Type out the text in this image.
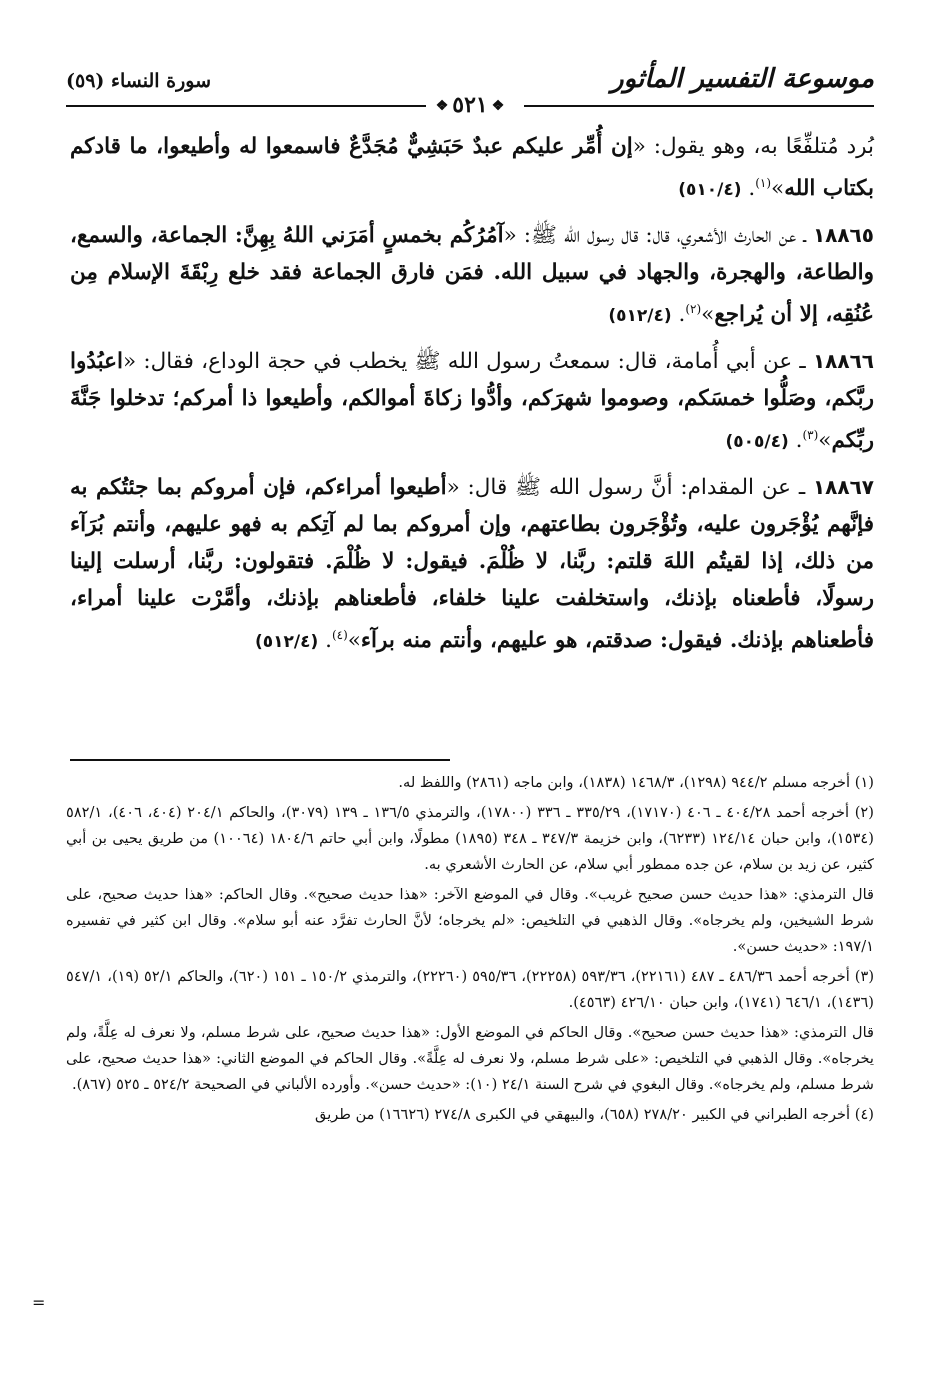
موسوعة التفسير المأثور
سورة النساء (٥٩)
❖٥٢١❖

بُرد مُتلفِّعًا به، وهو يقول: «إن أُمِّر عليكم عبدٌ حَبَشِيٌّ مُجَدَّعٌ فاسمعوا له وأطيعوا، ما قادكم بكتاب الله»$^{(١)}$. (٥١٠/٤)

١٨٨٦٥ ـ عن الحارث الأشعري، قال: قال رسول الله ﷺ: «آمُرُكُم بخمسٍ أمَرَني اللهُ بِهِنَّ: الجماعة، والسمع، والطاعة، والهجرة، والجهاد في سبيل الله. فمَن فارق الجماعة فقد خلع رِبْقَةَ الإسلام مِن عُنُقِه، إلا أن يُراجع»$^{(٢)}$. (٥١٢/٤)

١٨٨٦٦ ـ عن أبي أُمامة، قال: سمعتُ رسول الله ﷺ يخطب في حجة الوداع، فقال: «اعبُدُوا ربَّكم، وصَلُّوا خمسَكم، وصوموا شهرَكم، وأدُّوا زكاةَ أموالكم، وأطيعوا ذا أمركم؛ تدخلوا جَنَّةَ ربِّكم»$^{(٣)}$. (٥٠٥/٤)

١٨٨٦٧ ـ عن المقدام: أنَّ رسول الله ﷺ قال: «أطيعوا أمراءكم، فإن أمروكم بما جئتُكم به فإنَّهم يُؤْجَرون عليه، وتُؤْجَرون بطاعتهم، وإن أمروكم بما لم آتِكم به فهو عليهم، وأنتم بُرَآء من ذلك، إذا لقيتُم اللهَ قلتم: ربَّنا، لا ظُلْمَ. فيقول: لا ظُلْمَ. فتقولون: ربَّنا، أرسلت إلينا رسولًا، فأطعناه بإذنك، واستخلفت علينا خلفاء، فأطعناهم بإذنك، وأمَّرْت علينا أمراء، فأطعناهم بإذنك. فيقول: صدقتم، هو عليهم، وأنتم منه برآء»$^{(٤)}$. (٥١٢/٤)

(١) أخرجه مسلم ٩٤٤/٢ (١٢٩٨)، ١٤٦٨/٣ (١٨٣٨)، وابن ماجه (٢٨٦١) واللفظ له.

(٢) أخرجه أحمد ٤٠٤/٢٨ ـ ٤٠٦ (١٧١٧٠)، ٣٣٥/٢٩ ـ ٣٣٦ (١٧٨٠٠)، والترمذي ١٣٦/٥ ـ ١٣٩ (٣٠٧٩)، والحاكم ٢٠٤/١ (٤٠٤، ٤٠٦)، ٥٨٢/١ (١٥٣٤)، وابن حبان ١٢٤/١٤ (٦٢٣٣)، وابن خزيمة ٣٤٧/٣ ـ ٣٤٨ (١٨٩٥) مطولًا، وابن أبي حاتم ١٨٠٤/٦ (١٠٠٦٤) من طريق يحيى بن أبي كثير، عن زيد بن سلام، عن جده ممطور أبي سلام، عن الحارث الأشعري به.

قال الترمذي: «هذا حديث حسن صحيح غريب». وقال في الموضع الآخر: «هذا حديث صحيح». وقال الحاكم: «هذا حديث صحيح، على شرط الشيخين، ولم يخرجاه». وقال الذهبي في التلخيص: «لم يخرجاه؛ لأنَّ الحارث تفرَّد عنه أبو سلام». وقال ابن كثير في تفسيره ١٩٧/١: «حديث حسن».

(٣) أخرجه أحمد ٤٨٦/٣٦ ـ ٤٨٧ (٢٢١٦١)، ٥٩٣/٣٦ (٢٢٢٥٨)، ٥٩٥/٣٦ (٢٢٢٦٠)، والترمذي ١٥٠/٢ ـ ١٥١ (٦٢٠)، والحاكم ٥٢/١ (١٩)، ٥٤٧/١ (١٤٣٦)، ٦٤٦/١ (١٧٤١)، وابن حبان ٤٢٦/١٠ (٤٥٦٣).

قال الترمذي: «هذا حديث حسن صحيح». وقال الحاكم في الموضع الأول: «هذا حديث صحيح، على شرط مسلم، ولا نعرف له عِلَّةً، ولم يخرجاه». وقال الذهبي في التلخيص: «على شرط مسلم، ولا نعرف له عِلَّةً». وقال الحاكم في الموضع الثاني: «هذا حديث صحيح، على شرط مسلم، ولم يخرجاه». وقال البغوي في شرح السنة ٢٤/١ (١٠): «حديث حسن». وأورده الألباني في الصحيحة ٥٢٤/٢ ـ ٥٢٥ (٨٦٧).

(٤) أخرجه الطبراني في الكبير ٢٧٨/٢٠ (٦٥٨)، والبيهقي في الكبرى ٢٧٤/٨ (١٦٦٢٦) من طريق

=
